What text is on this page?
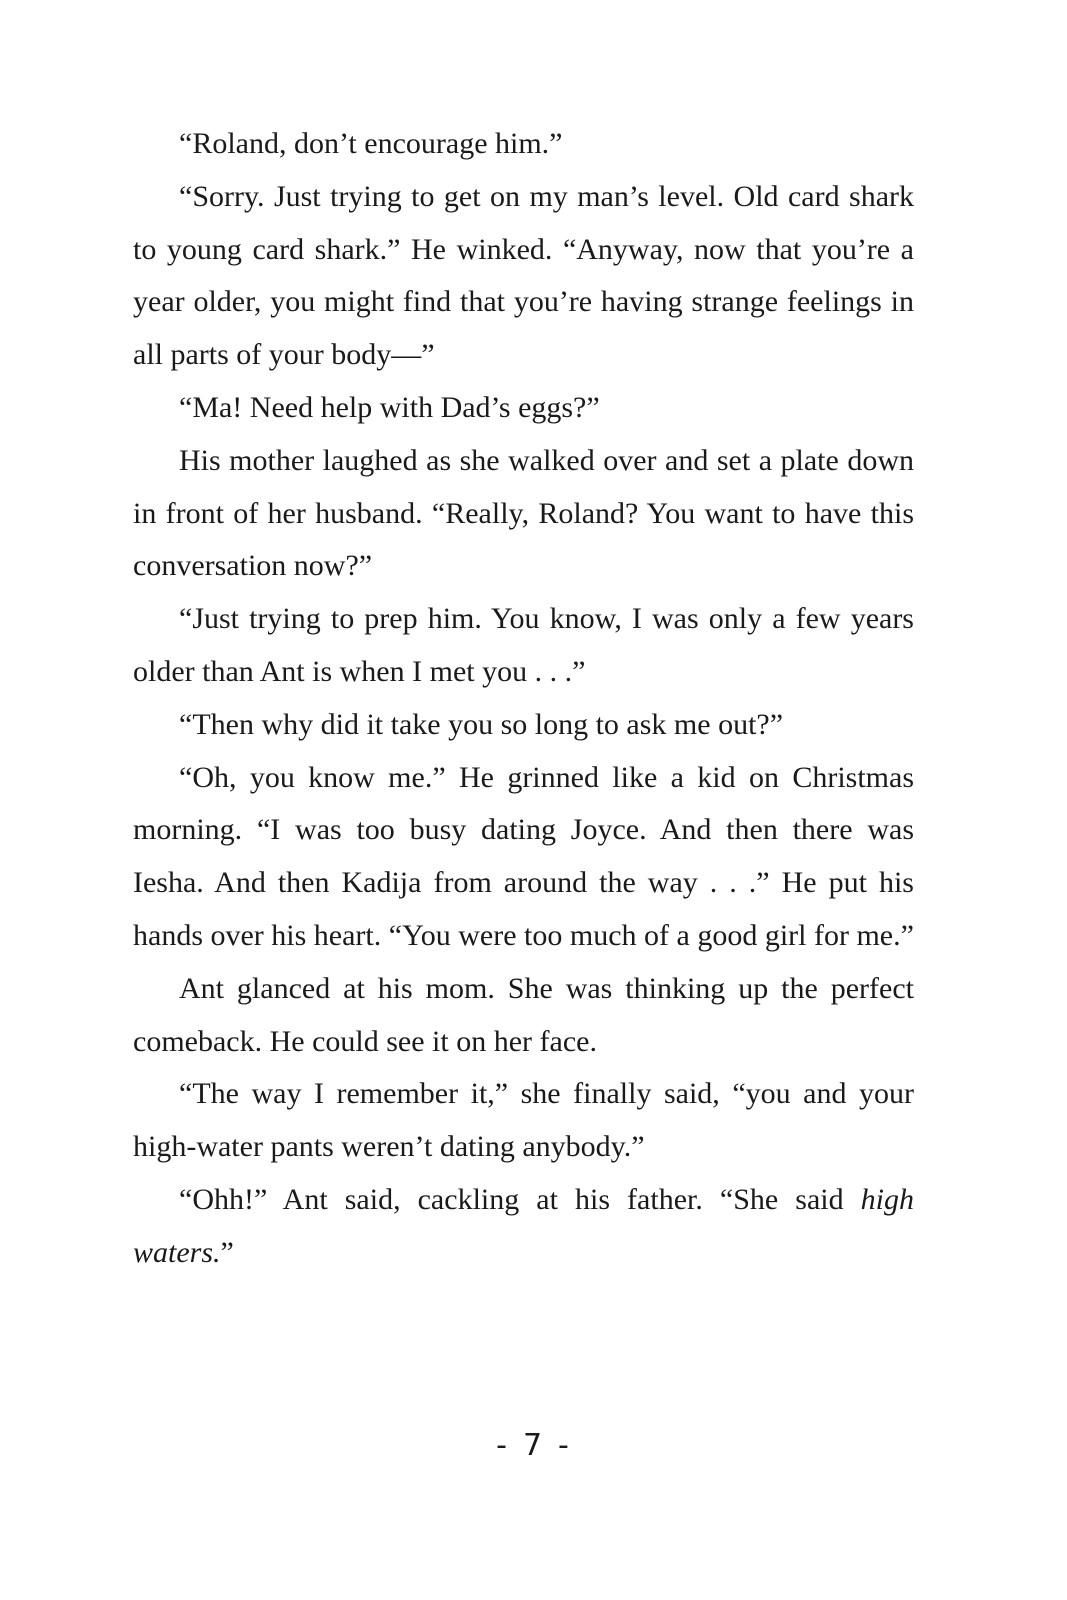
“Roland, don’t encourage him.”

“Sorry. Just trying to get on my man’s level. Old card shark to young card shark.” He winked. “Anyway, now that you’re a year older, you might find that you’re having strange feelings in all parts of your body—”

“Ma! Need help with Dad’s eggs?”

His mother laughed as she walked over and set a plate down in front of her husband. “Really, Roland? You want to have this conversation now?”

“Just trying to prep him. You know, I was only a few years older than Ant is when I met you . . .”

“Then why did it take you so long to ask me out?”

“Oh, you know me.” He grinned like a kid on Christmas morning. “I was too busy dating Joyce. And then there was Iesha. And then Kadija from around the way . . .” He put his hands over his heart. “You were too much of a good girl for me.”

Ant glanced at his mom. She was thinking up the perfect comeback. He could see it on her face.

“The way I remember it,” she finally said, “you and your high-water pants weren’t dating anybody.”

“Ohh!” Ant said, cackling at his father. “She said high waters.”

- 7 -
